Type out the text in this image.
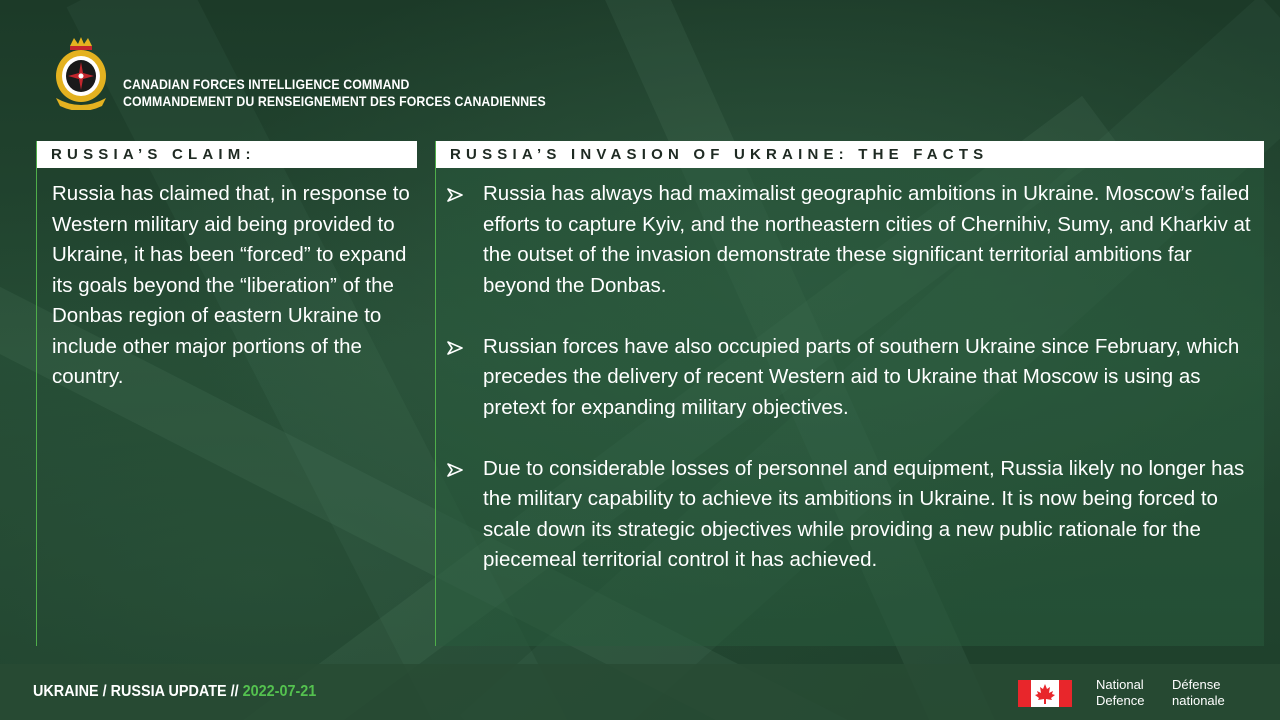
CANADIAN FORCES INTELLIGENCE COMMAND
COMMANDEMENT DU RENSEIGNEMENT DES FORCES CANADIENNES
RUSSIA’S CLAIM:
Russia has claimed that, in response to Western military aid being provided to Ukraine, it has been “forced” to expand its goals beyond the “liberation” of the Donbas region of eastern Ukraine to include other major portions of the country.
RUSSIA’S INVASION OF UKRAINE: THE FACTS
Russia has always had maximalist geographic ambitions in Ukraine. Moscow’s failed efforts to capture Kyiv, and the northeastern cities of Chernihiv, Sumy, and Kharkiv at the outset of the invasion demonstrate these significant territorial ambitions far beyond the Donbas.
Russian forces have also occupied parts of southern Ukraine since February, which precedes the delivery of recent Western aid to Ukraine that Moscow is using as pretext for expanding military objectives.
Due to considerable losses of personnel and equipment, Russia likely no longer has the military capability to achieve its ambitions in Ukraine. It is now being forced to scale down its strategic objectives while providing a new public rationale for the piecemeal territorial control it has achieved.
UKRAINE / RUSSIA UPDATE // 2022-07-21	National
Defence
Défense
nationale
